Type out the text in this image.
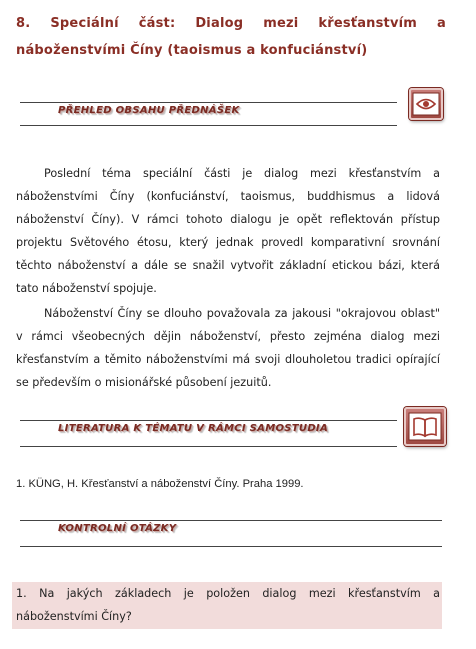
8. Speciální část: Dialog mezi křesťanstvím a náboženstvími Číny (taoismus a konfuciánství)
PŘEHLED OBSAHU PŘEDNÁŠEK
Poslední téma speciální části je dialog mezi křesťanstvím a náboženstvími Číny (konfuciánství, taoismus, buddhismus a lidová náboženství Číny). V rámci tohoto dialogu je opět reflektován přístup projektu Světového étosu, který jednak provedl komparativní srovnání těchto náboženství a dále se snažil vytvořit základní etickou bázi, která tato náboženství spojuje.
Náboženství Číny se dlouho považovala za jakousi "okrajovou oblast" v rámci všeobecných dějin náboženství, přesto zejména dialog mezi křesťanstvím a těmito náboženstvími má svoji dlouholetou tradici opírající se především o misionářské působení jezuitů.
LITERATURA K TÉMATU V RÁMCI SAMOSTUDIA
1. KÜNG, H. Křesťanství a náboženství Číny. Praha 1999.
KONTROLNÍ OTÁZKY
1. Na jakých základech je položen dialog mezi křesťanstvím a náboženstvími Číny?
